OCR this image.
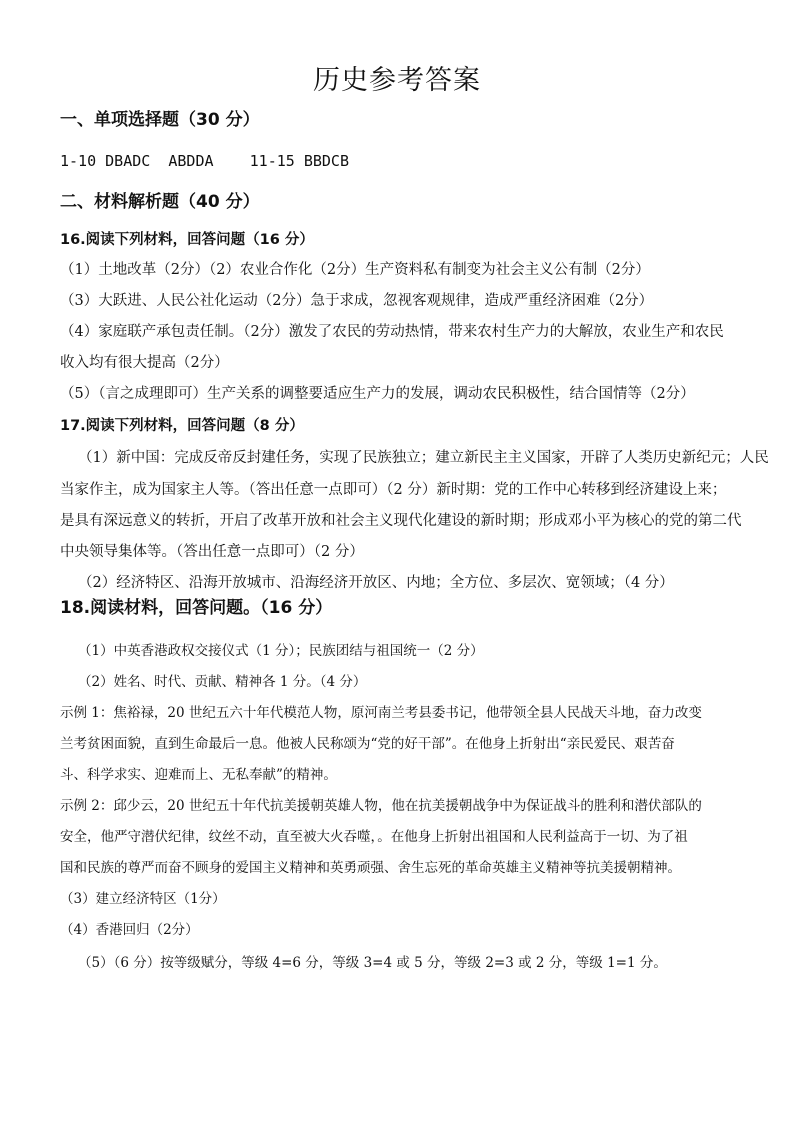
历史参考答案
一、单项选择题（30 分）
1-10 DBADC  ABDDA    11-15 BBDCB
二、材料解析题（40 分）
16.阅读下列材料，回答问题（16 分）
（1）土地改革（2分）（2）农业合作化（2分）生产资料私有制变为社会主义公有制（2分）
（3）大跃进、人民公社化运动（2分）急于求成，忽视客观规律，造成严重经济困难（2分）
（4）家庭联产承包责任制。（2分）激发了农民的劳动热情，带来农村生产力的大解放，农业生产和农民
收入均有很大提高（2分）
（5）（言之成理即可）生产关系的调整要适应生产力的发展，调动农民积极性，结合国情等（2分）
17.阅读下列材料，回答问题（8 分）
（1）新中国：完成反帝反封建任务，实现了民族独立；建立新民主主义国家，开辟了人类历史新纪元；人民
当家作主，成为国家主人等。（答出任意一点即可）（2 分）新时期：党的工作中心转移到经济建设上来；
是具有深远意义的转折，开启了改革开放和社会主义现代化建设的新时期；形成邓小平为核心的党的第二代
中央领导集体等。（答出任意一点即可）（2 分）
（2）经济特区、沿海开放城市、沿海经济开放区、内地；全方位、多层次、宽领域；（4 分）
18.阅读材料，回答问题。（16 分）
（1）中英香港政权交接仪式（1 分）；民族团结与祖国统一（2 分）
（2）姓名、时代、贡献、精神各 1 分。（4 分）
示例 1：焦裕禄，20 世纪五六十年代模范人物，原河南兰考县委书记，他带领全县人民战天斗地，奋力改变
兰考贫困面貌，直到生命最后一息。他被人民称颂为“党的好干部”。在他身上折射出“亲民爱民、艰苦奋
斗、科学求实、迎难而上、无私奉献”的精神。
示例 2：邱少云，20 世纪五十年代抗美援朝英雄人物，他在抗美援朝战争中为保证战斗的胜利和潜伏部队的
安全，他严守潜伏纪律，纹丝不动，直至被大火吞噬，。在他身上折射出祖国和人民利益高于一切、为了祖
国和民族的尊严而奋不顾身的爱国主义精神和英勇顽强、舍生忘死的革命英雄主义精神等抗美援朝精神。
（3）建立经济特区（1分）
（4）香港回归（2分）
（5）（6 分）按等级赋分，等级 4=6 分，等级 3=4 或 5 分，等级 2=3 或 2 分，等级 1=1 分。
